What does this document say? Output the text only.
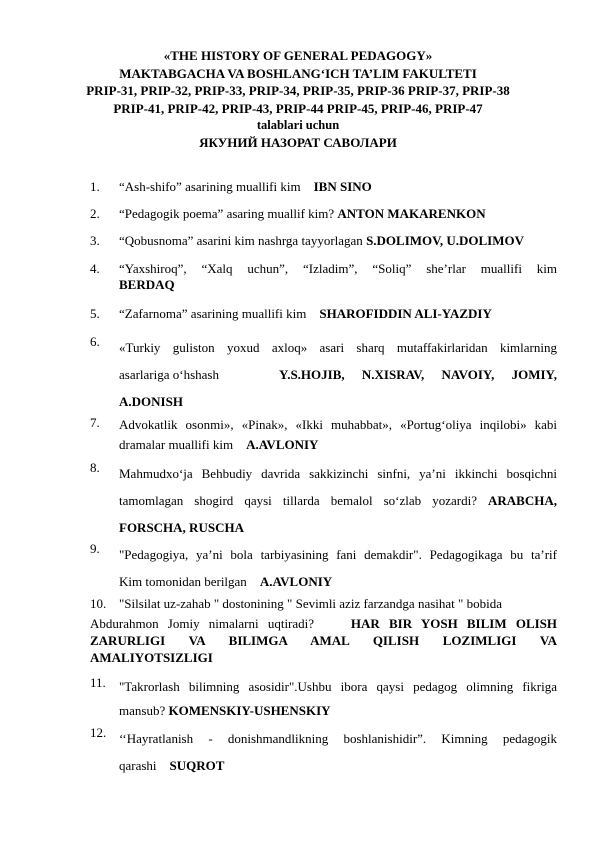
«THE HISTORY OF GENERAL PEDAGOGY»
MAKTABGACHA VA BOSHLANG‘ICH TA’LIM FAKULTETI
PRIP-31, PRIP-32, PRIP-33, PRIP-34, PRIP-35, PRIP-36 PRIP-37, PRIP-38
PRIP-41, PRIP-42, PRIP-43, PRIP-44 PRIP-45, PRIP-46, PRIP-47
talablari uchun
ЯКУНИЙ НАЗОРАТ САВОЛАРИ
1. “Ash-shifo” asarining muallifi kim IBN SINO
2. “Pedagogik poema” asaring muallif kim? ANTON MAKARENKON
3. “Qobusnoma” asarini kim nashrga tayyorlagan S.DOLIMOV, U.DOLIMOV
4. “Yaxshiroq”, “Xalq uchun”, “Izladim”, “Soliq” she’rlar muallifi kim
BERDAQ
5. “Zafarnoma” asarining muallifi kim SHAROFIDDIN ALI-YAZDIY
6. «Turkiy guliston yoxud axloq» asari sharq mutaffakirlaridan kimlarning
asarlariga o‘hshash	Y.S.HOJIB, N.XISRAV, NAVOIY, JOMIY,
A.DONISH
7. Advokatlik osonmi», «Pinak», «Ikki muhabbat», «Portug‘oliya inqilobi» kabi
dramalar muallifi kim A.AVLONIY
8. Mahmudxo‘ja Behbudiy davrida sakkizinchi sinfni, ya’ni ikkinchi bosqichni
tamomlagan shogird qaysi tillarda bemalol so‘zlab yozardi? ARABCHA,
FORSCHA, RUSCHA
9. "Pedagogiya, ya’ni bola tarbiyasining fani demakdir". Pedagogikaga bu ta’rif
Kim tomonidan berilgan A.AVLONIY
10. "Silsilat uz-zahab " dostonining " Sevimli aziz farzandga nasihat " bobida
Abdurahmon Jomiy nimalarni uqtiradi?	HAR BIR YOSH BILIM OLISH
ZARURLIGI VA BILIMGA AMAL QILISH LOZIMLIGI VA
AMALIYOTSIZLIGI
11. "Takrorlash bilimning asosidir".Ushbu ibora qaysi pedagog olimning fikriga
mansub? KOMENSKIY-USHENSKIY
12. ‘‘Hayratlanish - donishmandlikning boshlanishidir”. Kimning pedagogik
qarashi SUQROT
